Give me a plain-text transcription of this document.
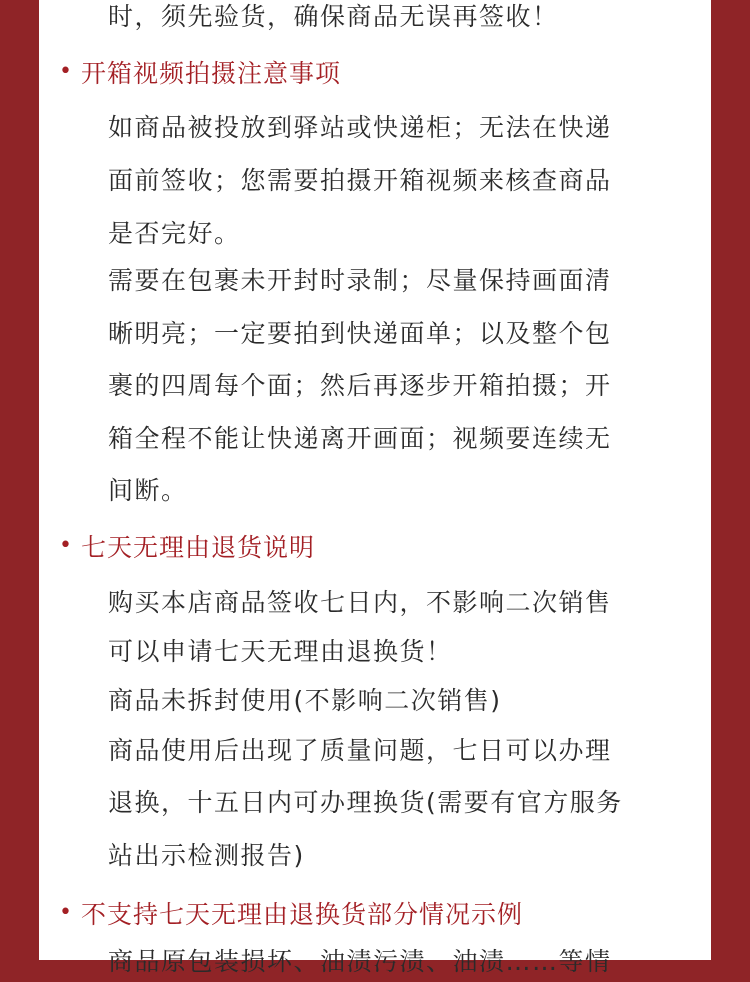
时，须先验货，确保商品无误再签收！
• 开箱视频拍摄注意事项
如商品被投放到驿站或快递柜；无法在快递
面前签收；您需要拍摄开箱视频来核查商品
是否完好。
需要在包裹未开封时录制；尽量保持画面清
晰明亮；一定要拍到快递面单；以及整个包
裹的四周每个面；然后再逐步开箱拍摄；开
箱全程不能让快递离开画面；视频要连续无
间断。
• 七天无理由退货说明
购买本店商品签收七日内，不影响二次销售
可以申请七天无理由退换货！
商品未拆封使用(不影响二次销售)
商品使用后出现了质量问题，七日可以办理
退换，十五日内可办理换货(需要有官方服务
站出示检测报告)
• 不支持七天无理由退换货部分情况示例
商品原包装损坏、油渍污渍、油渍……等情
